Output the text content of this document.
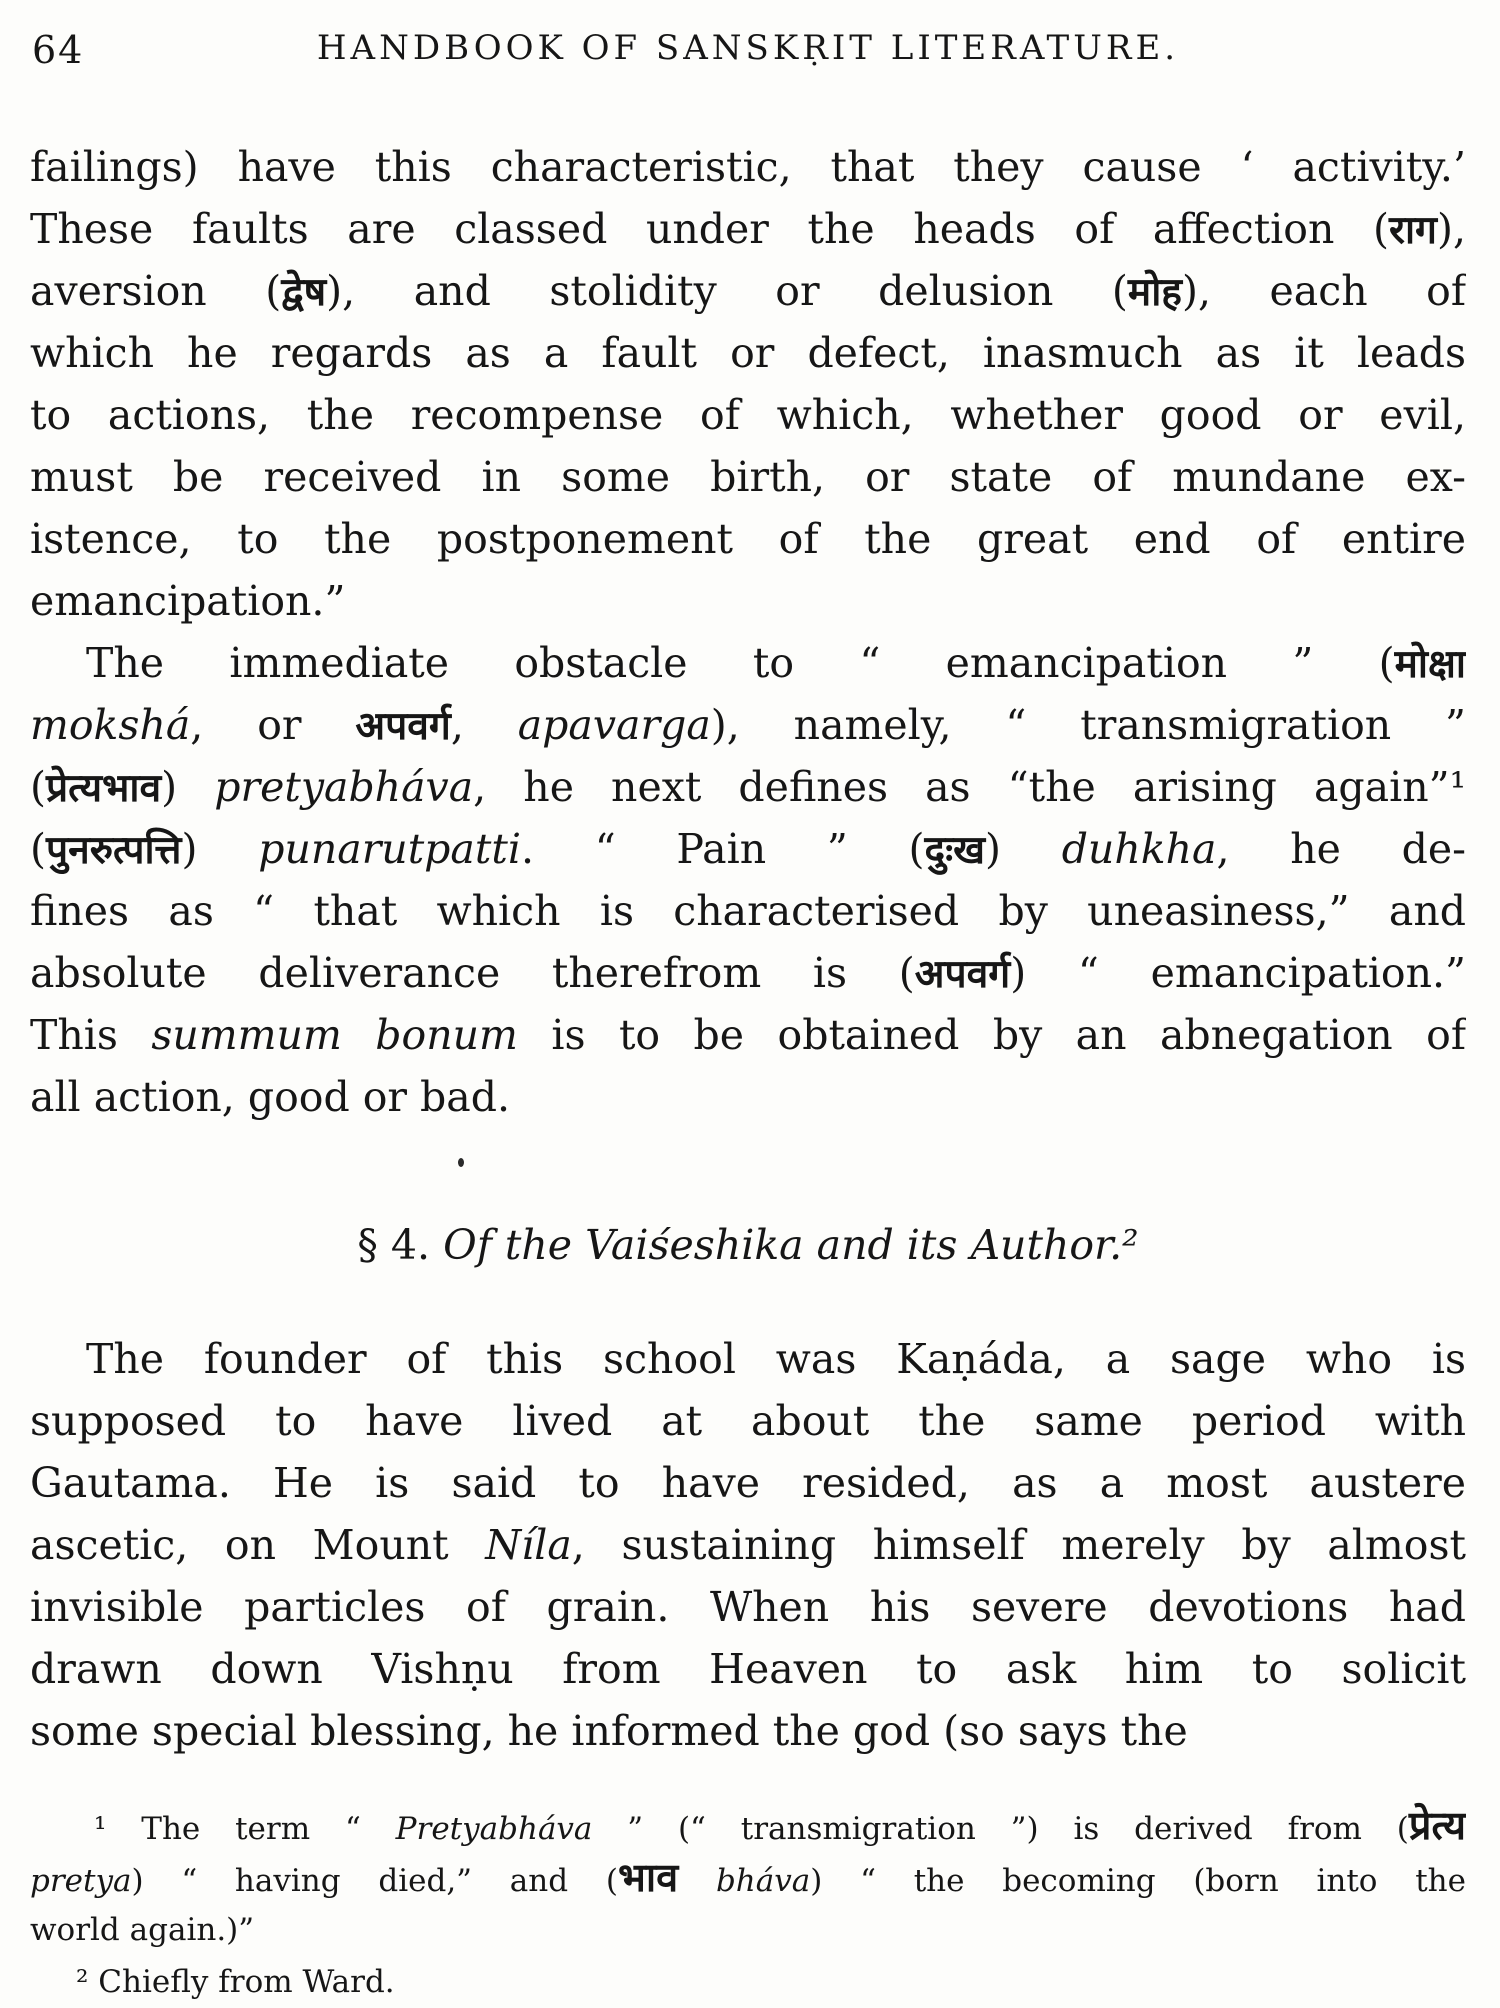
64	HANDBOOK OF SANSKṚIT LITERATURE.
failings) have this characteristic, that they cause ‘ activity.’
These faults are classed under the heads of affection (राग),
aversion (द्वेष), and stolidity or delusion (मोह), each of
which he regards as a fault or defect, inasmuch as it leads
to actions, the recompense of which, whether good or evil,
must be received in some birth, or state of mundane ex-
istence, to the postponement of the great end of entire
emancipation.”
The immediate obstacle to “ emancipation ” (मोक्षा
mokshá, or अपवर्ग, apavarga), namely, “ transmigration ”
(प्रेत्यभाव) pretyabháva, he next defines as “the arising again”¹
(पुनरुत्पत्ति) punarutpatti. “ Pain ” (दुःख) duhkha, he de-
fines as “ that which is characterised by uneasiness,” and
absolute deliverance therefrom is (अपवर्ग) “ emancipation.”
This summum bonum is to be obtained by an abnegation of
all action, good or bad.
§ 4. Of the Vaiśeshika and its Author.²
The founder of this school was Kaṇáda, a sage who is
supposed to have lived at about the same period with
Gautama. He is said to have resided, as a most austere
ascetic, on Mount Níla, sustaining himself merely by almost
invisible particles of grain. When his severe devotions had
drawn down Vishṇu from Heaven to ask him to solicit
some special blessing, he informed the god (so says the
¹ The term “ Pretyabháva ” (“ transmigration ”) is derived from (प्रेत्य
pretya) “ having died,” and (भाव bháva) “ the becoming (born into the
world again.)”
² Chiefly from Ward.
